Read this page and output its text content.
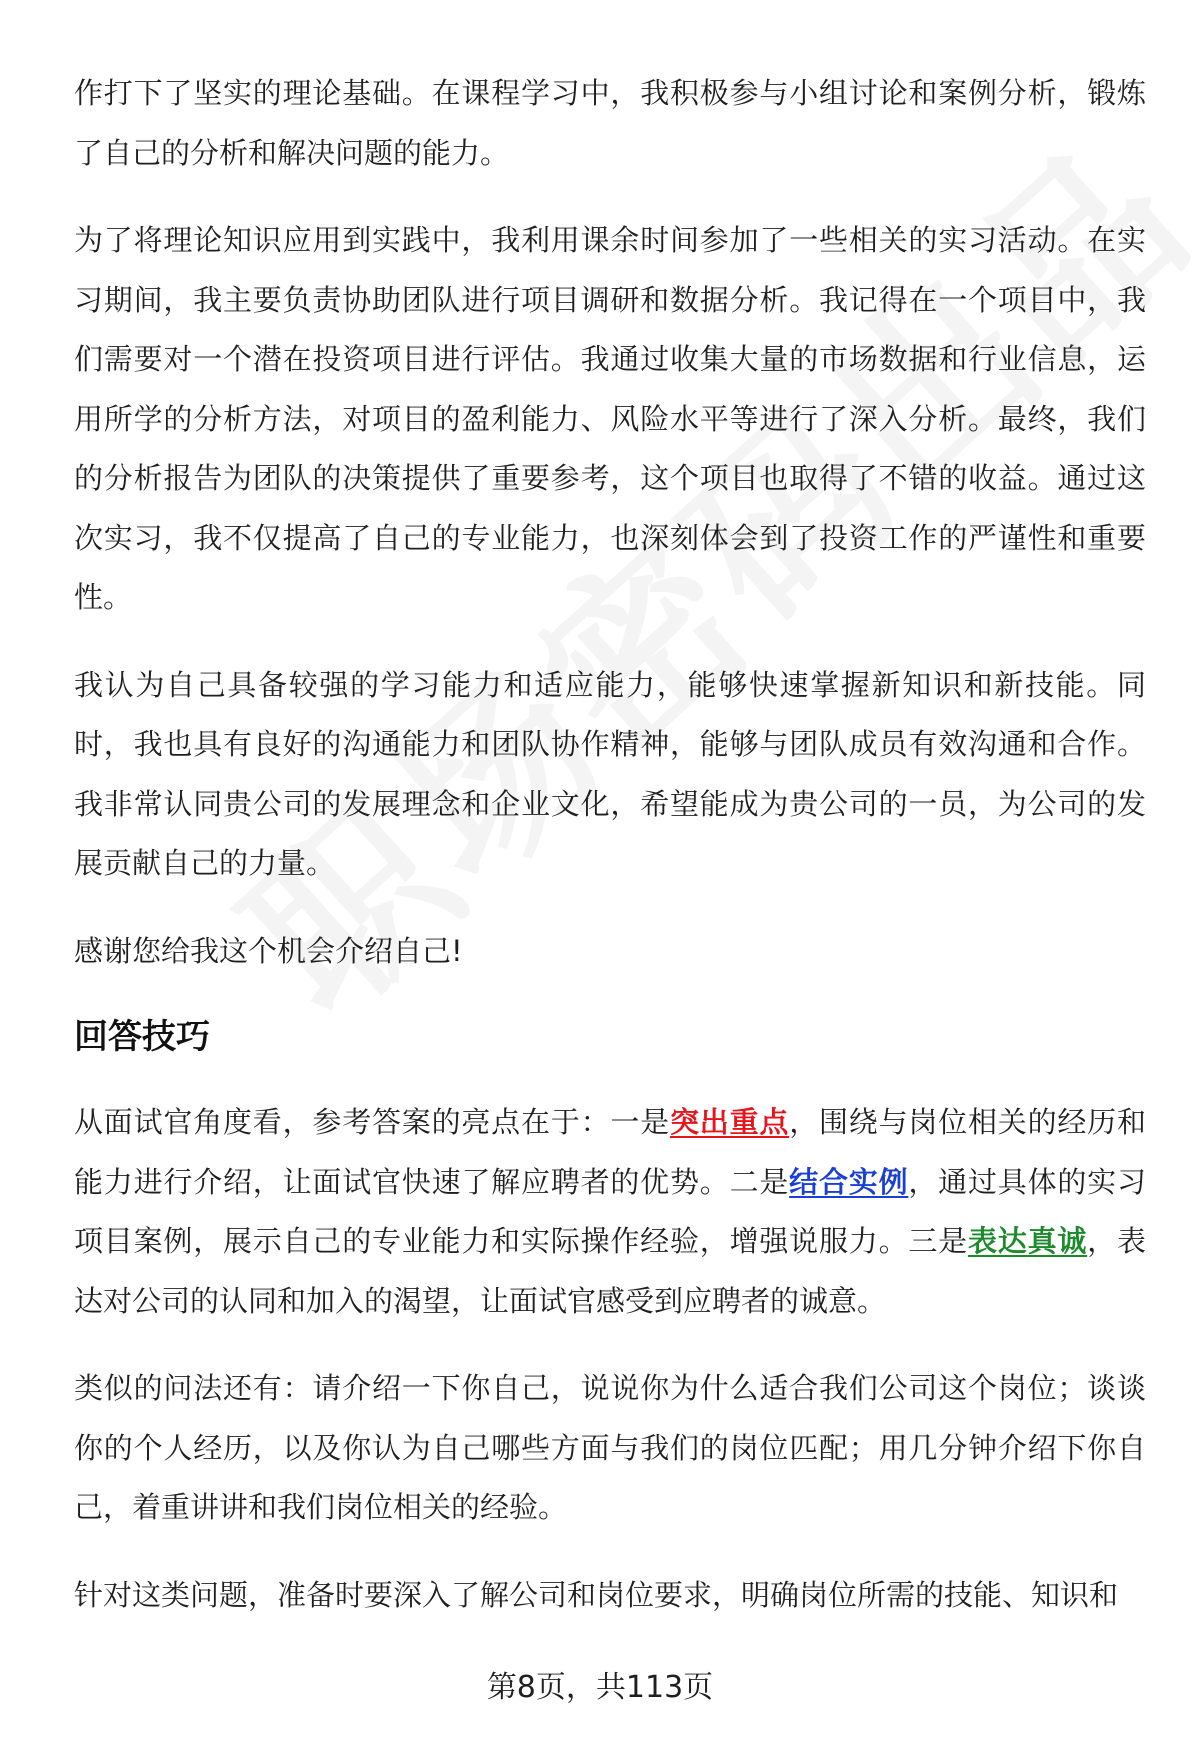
作打下了坚实的理论基础。在课程学习中，我积极参与小组讨论和案例分析，锻炼了自己的分析和解决问题的能力。

为了将理论知识应用到实践中，我利用课余时间参加了一些相关的实习活动。在实习期间，我主要负责协助团队进行项目调研和数据分析。我记得在一个项目中，我们需要对一个潜在投资项目进行评估。我通过收集大量的市场数据和行业信息，运用所学的分析方法，对项目的盈利能力、风险水平等进行了深入分析。最终，我们的分析报告为团队的决策提供了重要参考，这个项目也取得了不错的收益。通过这次实习，我不仅提高了自己的专业能力，也深刻体会到了投资工作的严谨性和重要性。

我认为自己具备较强的学习能力和适应能力，能够快速掌握新知识和新技能。同时，我也具有良好的沟通能力和团队协作精神，能够与团队成员有效沟通和合作。我非常认同贵公司的发展理念和企业文化，希望能成为贵公司的一员，为公司的发展贡献自己的力量。

感谢您给我这个机会介绍自己!

回答技巧

从面试官角度看，参考答案的亮点在于：一是突出重点，围绕与岗位相关的经历和能力进行介绍，让面试官快速了解应聘者的优势。二是结合实例，通过具体的实习项目案例，展示自己的专业能力和实际操作经验，增强说服力。三是表达真诚，表达对公司的认同和加入的渴望，让面试官感受到应聘者的诚意。

类似的问法还有：请介绍一下你自己，说说你为什么适合我们公司这个岗位；谈谈你的个人经历，以及你认为自己哪些方面与我们的岗位匹配；用几分钟介绍下你自己，着重讲讲和我们岗位相关的经验。

针对这类问题，准备时要深入了解公司和岗位要求，明确岗位所需的技能、知识和

第8页，共113页
